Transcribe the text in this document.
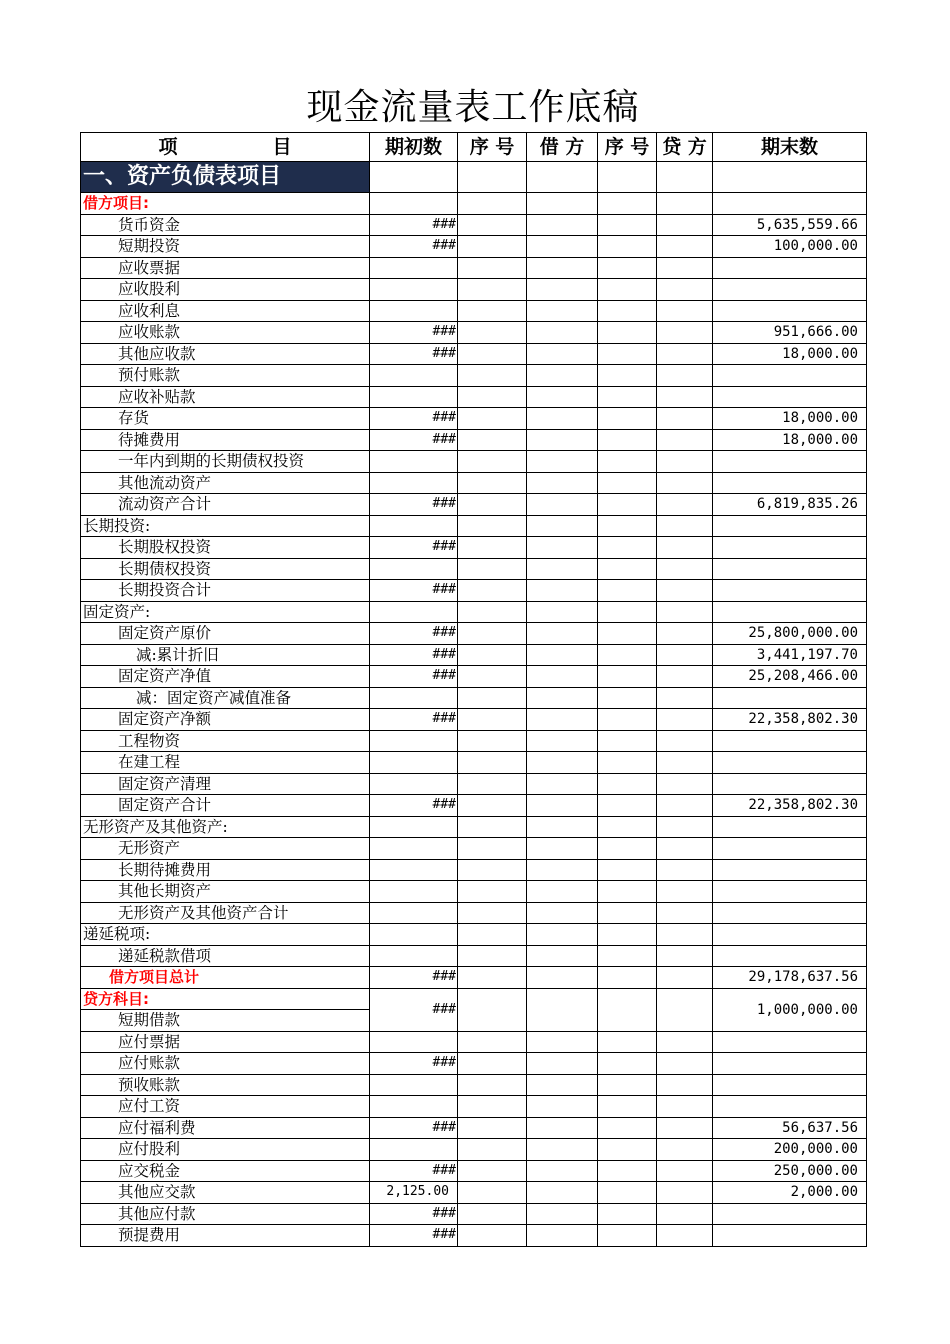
现金流量表工作底稿
项　　　　　目	期初数	序 号	借 方	序 号	贷 方	期末数
一、资产负债表项目						
借方项目:						
货币资金	###					5,635,559.66
短期投资	###					100,000.00
应收票据						
应收股利						
应收利息						
应收账款	###					951,666.00
其他应收款	###					18,000.00
预付账款						
应收补贴款						
存货	###					18,000.00
待摊费用	###					18,000.00
一年内到期的长期债权投资						
其他流动资产						
流动资产合计	###					6,819,835.26
长期投资:						
长期股权投资	###					
长期债权投资						
长期投资合计	###					
固定资产:						
固定资产原价	###					25,800,000.00
减:累计折旧	###					3,441,197.70
固定资产净值	###					25,208,466.00
减：固定资产减值准备						
固定资产净额	###					22,358,802.30
工程物资						
在建工程						
固定资产清理						
固定资产合计	###					22,358,802.30
无形资产及其他资产:						
无形资产						
长期待摊费用						
其他长期资产						
无形资产及其他资产合计						
递延税项:						
递延税款借项						
借方项目总计	###					29,178,637.56
贷方科目:	###					1,000,000.00
短期借款						
应付票据						
应付账款	###					
预收账款						
应付工资						
应付福利费	###					56,637.56
应付股利						200,000.00
应交税金	###					250,000.00
其他应交款	2,125.00					2,000.00
其他应付款	###					
预提费用	###					
